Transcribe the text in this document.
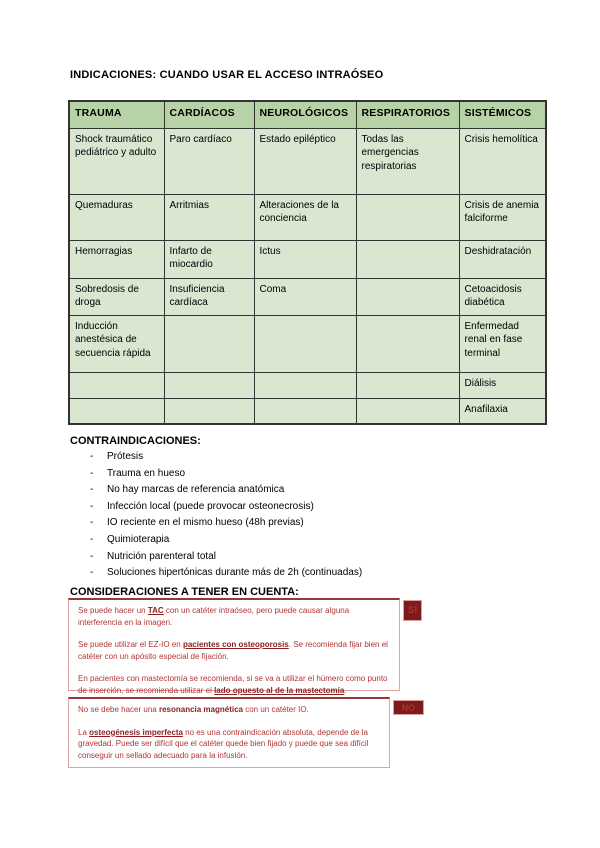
INDICACIONES: CUANDO USAR EL ACCESO INTRAÓSEO
TRAUMA	CARDÍACOS	NEUROLÓGICOS	RESPIRATORIOS	SISTÉMICOS
Shock traumático pediátrico y adulto	Paro cardíaco	Estado epiléptico	Todas las emergencias respiratorias	Crisis hemolítica
Quemaduras	Arritmias	Alteraciones de la conciencia		Crisis de anemia falciforme
Hemorragias	Infarto de miocardio	Ictus		Deshidratación
Sobredosis de droga	Insuficiencia cardíaca	Coma		Cetoacidosis diabética
Inducción anestésica de secuencia rápida				Enfermedad renal en fase terminal
				Diálisis
				Anafilaxia
CONTRAINDICACIONES:
- Prótesis
- Trauma en hueso
- No hay marcas de referencia anatómica
- Infección local (puede provocar osteonecrosis)
- IO reciente en el mismo hueso (48h previas)
- Quimioterapia
- Nutrición parenteral total
- Soluciones hipertónicas durante más de 2h (continuadas)
CONSIDERACIONES A TENER EN CUENTA:

Se puede hacer un TAC con un catéter intraóseo, pero puede causar alguna interferencia en la imagen.

Se puede utilizar el EZ-IO en pacientes con osteoporosis. Se recomienda fijar bien el catéter con un apósito especial de fijación.

En pacientes con mastectomía se recomienda, si se va a utilizar el húmero como punto de inserción, se recomienda utilizar el lado opuesto al de la mastectomía.

SÍ

No se debe hacer una resonancia magnética con un catéter IO.

La osteogénesis imperfecta no es una contraindicación absoluta, depende de la gravedad. Puede ser difícil que el catéter quede bien fijado y puede que sea difícil conseguir un sellado adecuado para la infusión.

NO
